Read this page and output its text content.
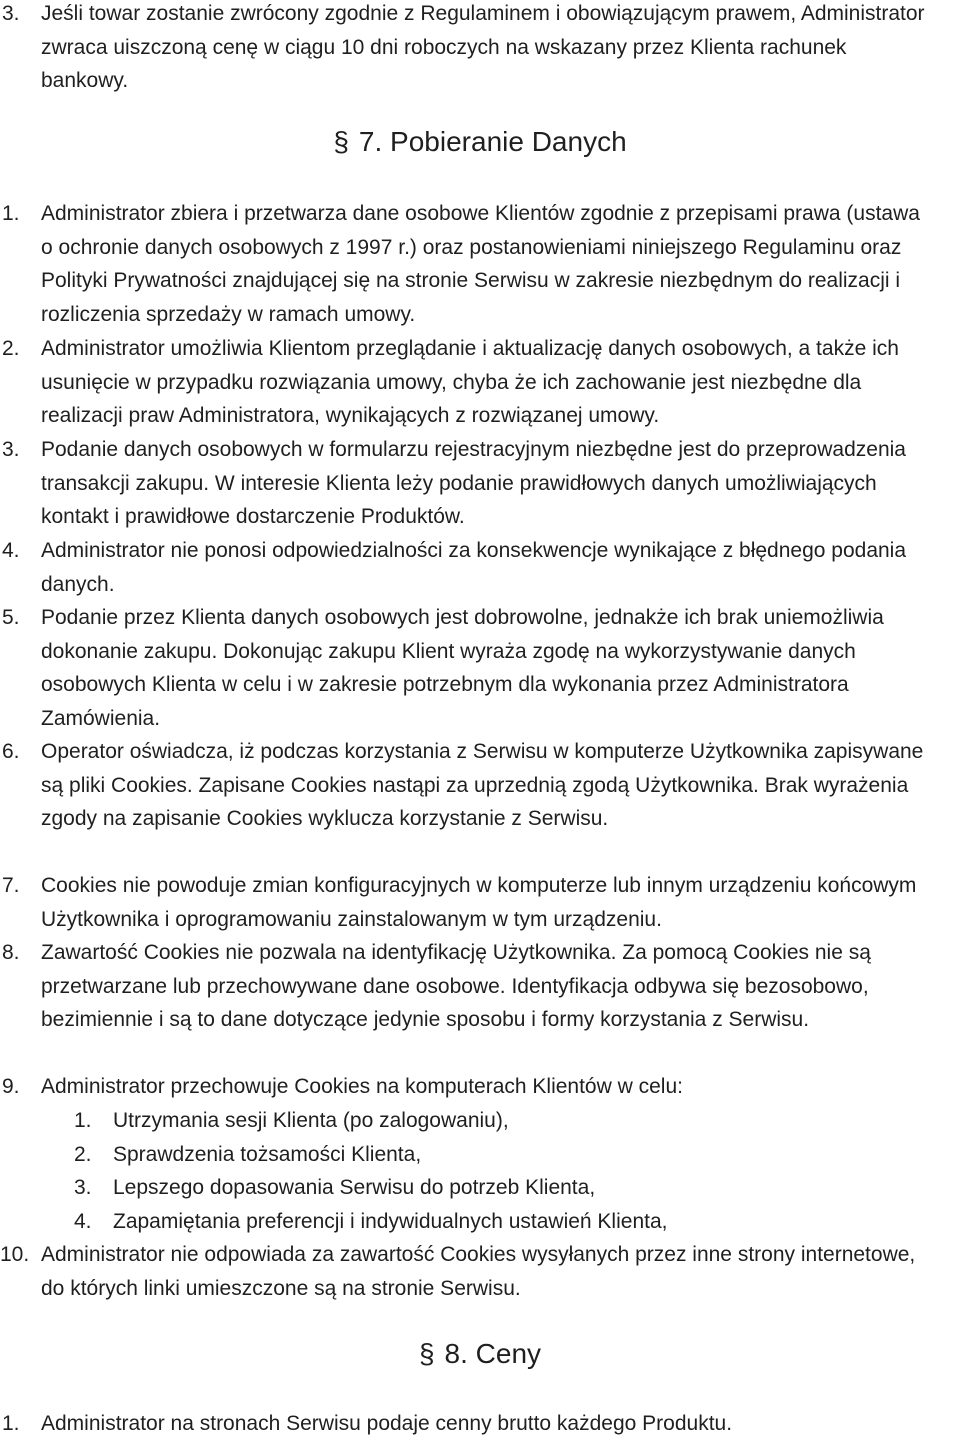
3.	Jeśli towar zostanie zwrócony zgodnie z Regulaminem i obowiązującym prawem, Administrator zwraca uiszczoną cenę w ciągu 10 dni roboczych na wskazany przez Klienta rachunek bankowy.
§ 7. Pobieranie Danych
1.	Administrator zbiera i przetwarza dane osobowe Klientów zgodnie z przepisami prawa (ustawa o ochronie danych osobowych z 1997 r.) oraz postanowieniami niniejszego Regulaminu oraz Polityki Prywatności znajdującej się na stronie Serwisu w zakresie niezbędnym do realizacji i rozliczenia sprzedaży w ramach umowy.
2.	Administrator umożliwia Klientom przeglądanie i aktualizację danych osobowych, a także ich usunięcie w przypadku rozwiązania umowy, chyba że ich zachowanie jest niezbędne dla realizacji praw Administratora, wynikających z rozwiązanej umowy.
3.	Podanie danych osobowych w formularzu rejestracyjnym niezbędne jest do przeprowadzenia transakcji zakupu. W interesie Klienta leży podanie prawidłowych danych umożliwiających kontakt i prawidłowe dostarczenie Produktów.
4.	Administrator nie ponosi odpowiedzialności za konsekwencje wynikające z błędnego podania danych.
5.	Podanie przez Klienta danych osobowych jest dobrowolne, jednakże ich brak uniemożliwia dokonanie zakupu. Dokonując zakupu Klient wyraża zgodę na wykorzystywanie danych osobowych Klienta w celu i w zakresie potrzebnym dla wykonania przez Administratora Zamówienia.
6.	Operator oświadcza, iż podczas korzystania z Serwisu w komputerze Użytkownika zapisywane są pliki Cookies. Zapisane Cookies nastąpi za uprzednią zgodą Użytkownika. Brak wyrażenia zgody na zapisanie Cookies wyklucza korzystanie z Serwisu.
7.	Cookies nie powoduje zmian konfiguracyjnych w komputerze lub innym urządzeniu końcowym Użytkownika i oprogramowaniu zainstalowanym w tym urządzeniu.
8.	Zawartość Cookies nie pozwala na identyfikację Użytkownika. Za pomocą Cookies nie są przetwarzane lub przechowywane dane osobowe. Identyfikacja odbywa się bezosobowo, bezimiennie i są to dane dotyczące jedynie sposobu i formy korzystania z Serwisu.
9.	Administrator przechowuje Cookies na komputerach Klientów w celu:
1. Utrzymania sesji Klienta (po zalogowaniu),
2. Sprawdzenia tożsamości Klienta,
3. Lepszego dopasowania Serwisu do potrzeb Klienta,
4. Zapamiętania preferencji i indywidualnych ustawień Klienta,
10. Administrator nie odpowiada za zawartość Cookies wysyłanych przez inne strony internetowe, do których linki umieszczone są na stronie Serwisu.
§ 8. Ceny
1.	Administrator na stronach Serwisu podaje cenny brutto każdego Produktu.
